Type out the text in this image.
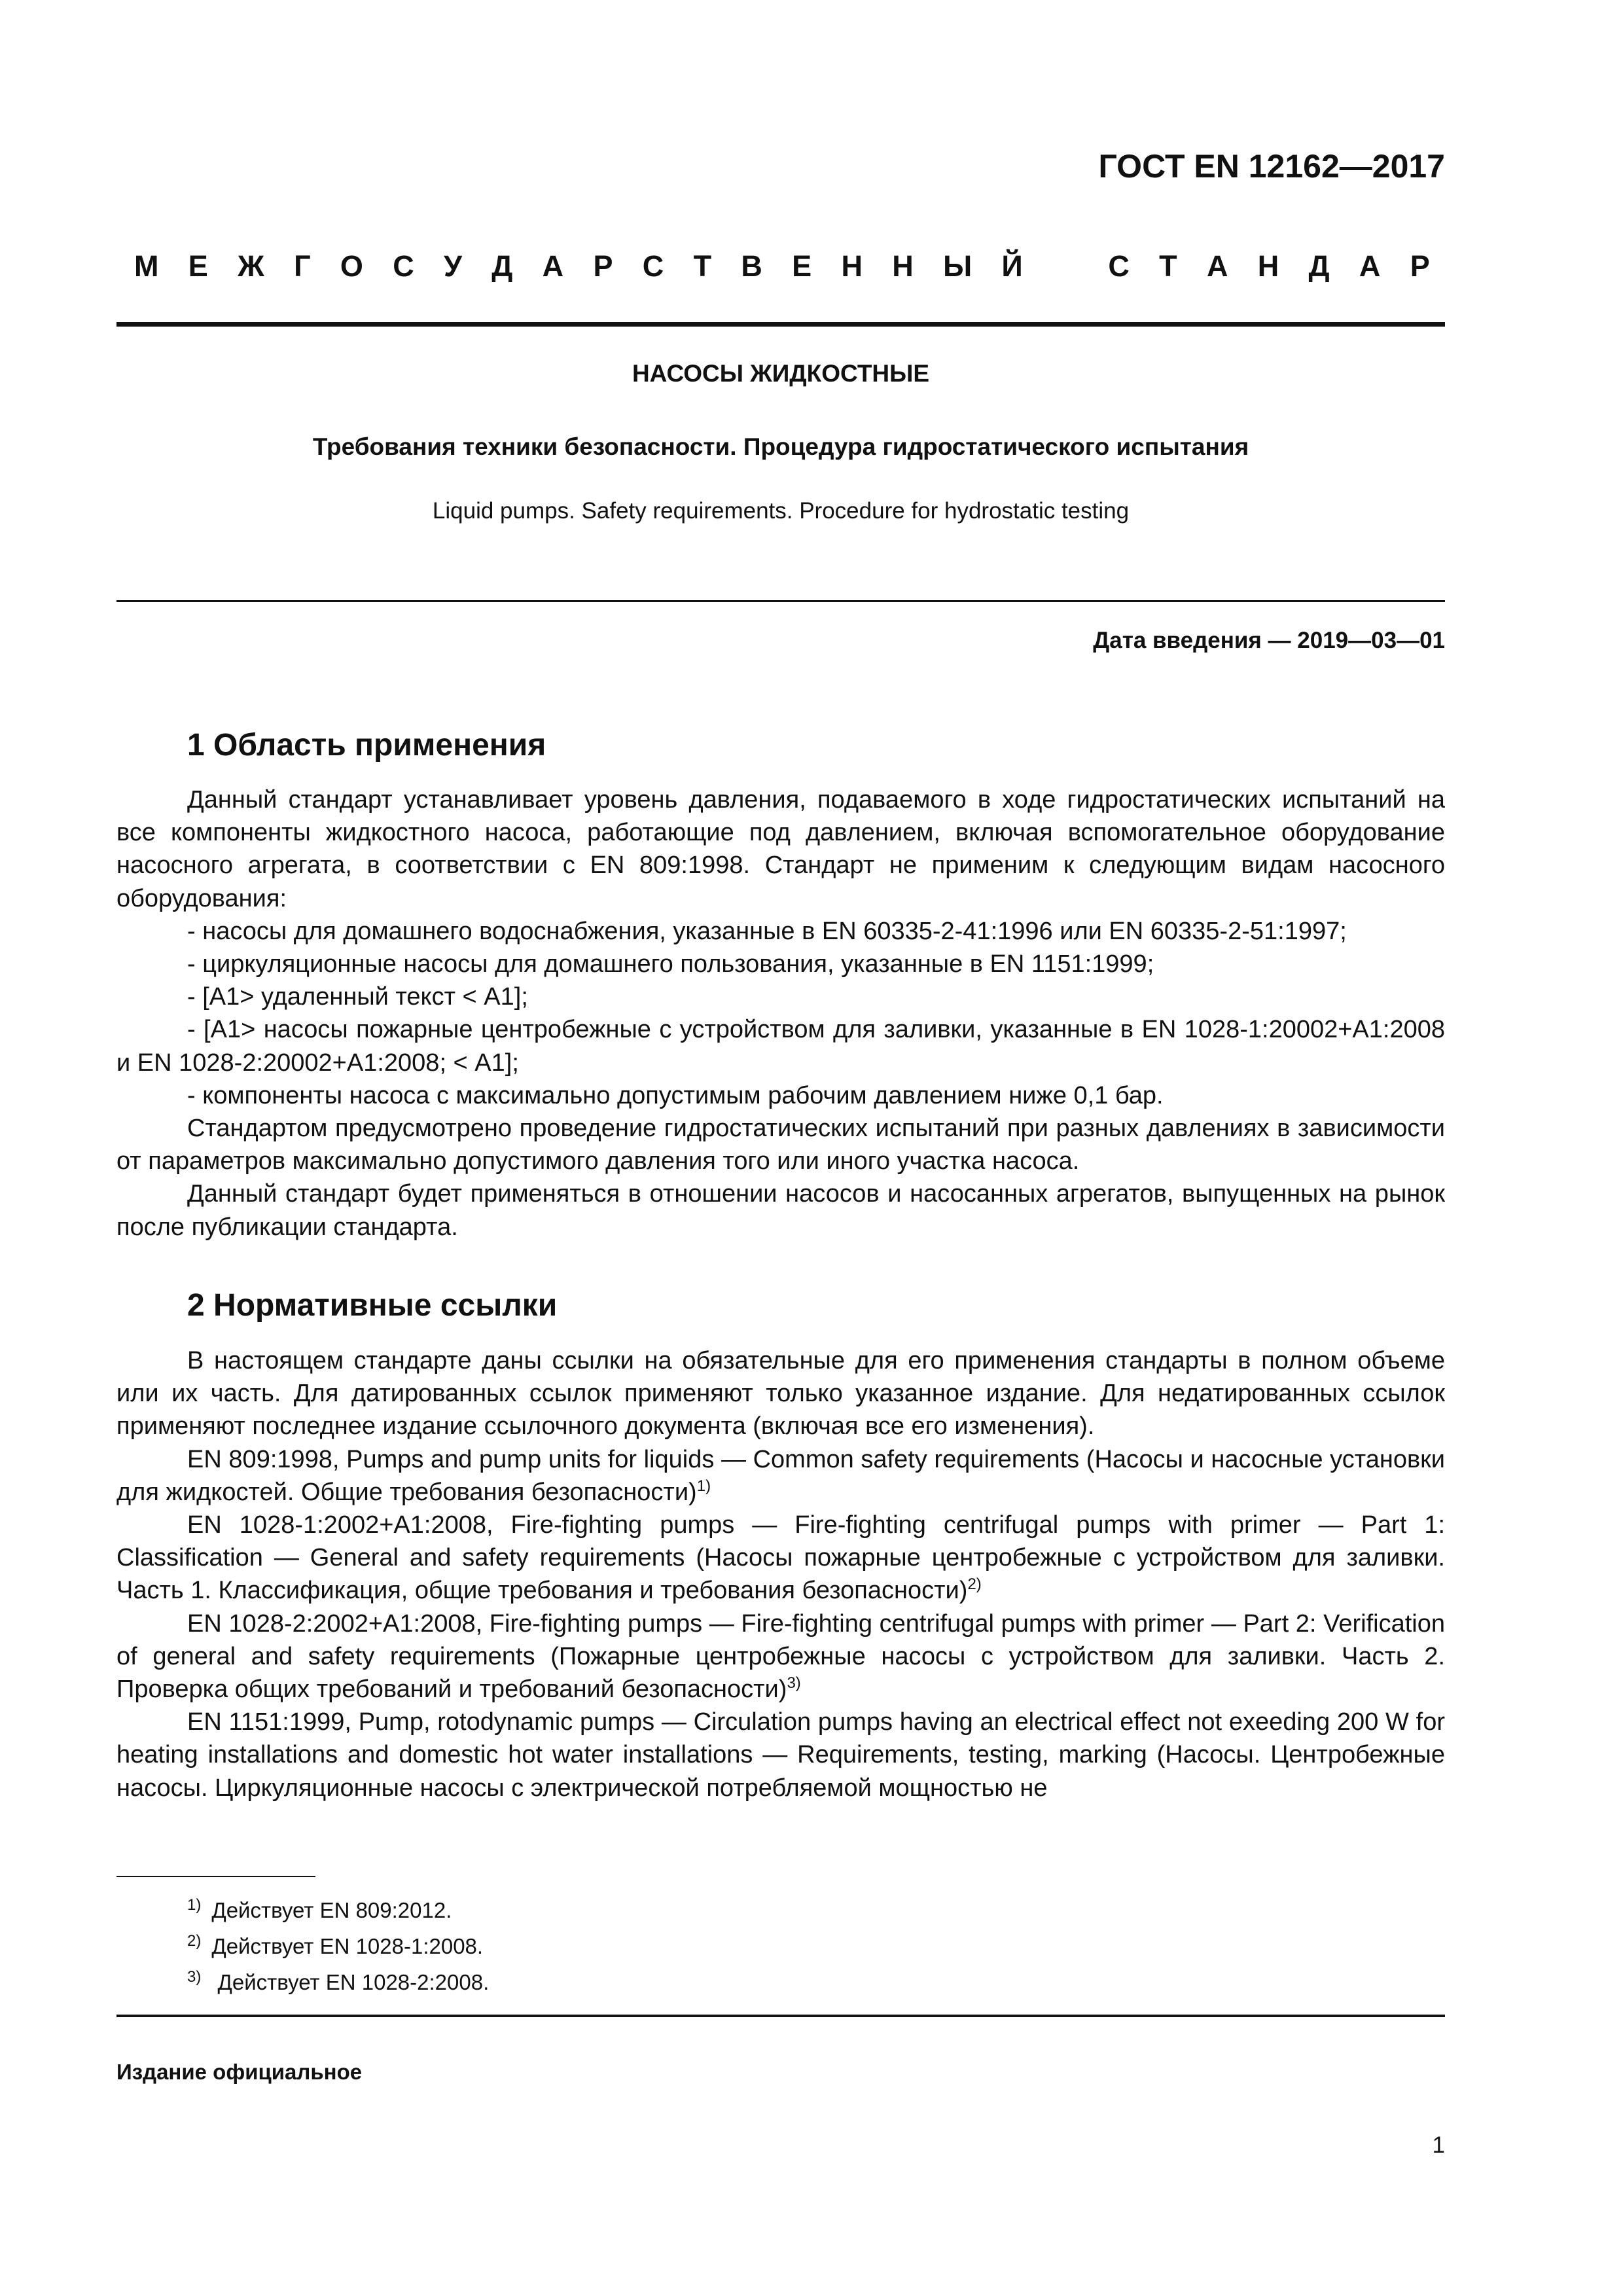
ГОСТ EN 12162—2017
М Е Ж Г О С У Д А Р С Т В Е Н Н Ы Й	С Т А Н Д А Р
НАСОСЫ ЖИДКОСТНЫЕ
Требования техники безопасности. Процедура гидростатического испытания
Liquid pumps. Safety requirements. Procedure for hydrostatic testing
Дата введения — 2019—03—01
1 Область применения

Данный стандарт устанавливает уровень давления, подаваемого в ходе гидростатических испытаний на все компоненты жидкостного насоса, работающие под давлением, включая вспомогательное оборудование насосного агрегата, в соответствии с EN 809:1998. Стандарт не применим к следующим видам насосного оборудования:

- насосы для домашнего водоснабжения, указанные в EN 60335-2-41:1996 или EN 60335-2-51:1997;

- циркуляционные насосы для домашнего пользования, указанные в EN 1151:1999;

- [А1> удаленный текст < А1];

- [А1> насосы пожарные центробежные с устройством для заливки, указанные в EN 1028-1:20002+А1:2008 и EN 1028-2:20002+А1:2008; < А1];

- компоненты насоса с максимально допустимым рабочим давлением ниже 0,1 бар.

Стандартом предусмотрено проведение гидростатических испытаний при разных давлениях в зависимости от параметров максимально допустимого давления того или иного участка насоса.

Данный стандарт будет применяться в отношении насосов и насосанных агрегатов, выпущенных на рынок после публикации стандарта.

2 Нормативные ссылки

В настоящем стандарте даны ссылки на обязательные для его применения стандарты в полном объеме или их часть. Для датированных ссылок применяют только указанное издание. Для недатированных ссылок применяют последнее издание ссылочного документа (включая все его изменения).

EN 809:1998, Pumps and pump units for liquids — Common safety requirements (Насосы и насосные установки для жидкостей. Общие требования безопасности)$^{1)}$

EN 1028-1:2002+A1:2008, Fire-fighting pumps — Fire-fighting centrifugal pumps with primer — Part 1: Classification — General and safety requirements (Насосы пожарные центробежные с устройством для заливки. Часть 1. Классификация, общие требования и требования безопасности)$^{2)}$

EN 1028-2:2002+A1:2008, Fire-fighting pumps — Fire-fighting centrifugal pumps with primer — Part 2: Verification of general and safety requirements (Пожарные центробежные насосы с устройством для заливки. Часть 2. Проверка общих требований и требований безопасности)$^{3)}$

EN 1151:1999, Pump, rotodynamic pumps — Circulation pumps having an electrical effect not exeeding 200 W for heating installations and domestic hot water installations — Requirements, testing, marking (Насосы. Центробежные насосы. Циркуляционные насосы с электрической потребляемой мощностью не

$^{1)}$ Действует EN 809:2012.
$^{2)}$ Действует EN 1028-1:2008.
$^{3)}$ Действует EN 1028-2:2008.
Издание официальное
1
